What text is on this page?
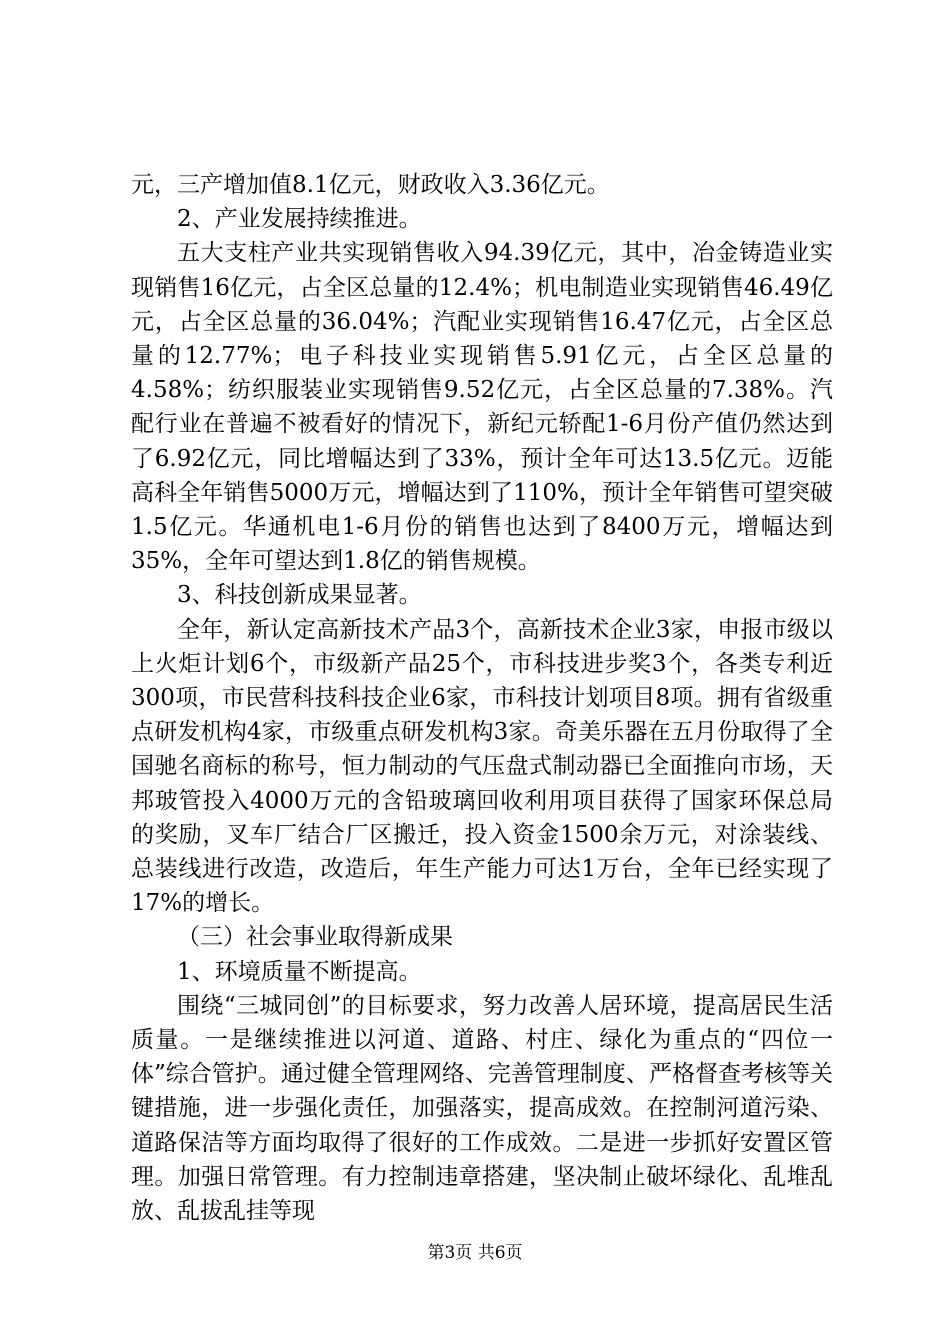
元，三产增加值8.1亿元，财政收入3.36亿元。

2、产业发展持续推进。

五大支柱产业共实现销售收入94.39亿元，其中，冶金铸造业实现销售16亿元，占全区总量的12.4%；机电制造业实现销售46.49亿元，占全区总量的36.04%；汽配业实现销售16.47亿元，占全区总量的12.77%；电子科技业实现销售5.91亿元，占全区总量的4.58%；纺织服装业实现销售9.52亿元，占全区总量的7.38%。汽配行业在普遍不被看好的情况下，新纪元轿配1-6月份产值仍然达到了6.92亿元，同比增幅达到了33%，预计全年可达13.5亿元。迈能高科全年销售5000万元，增幅达到了110%，预计全年销售可望突破1.5亿元。华通机电1-6月份的销售也达到了8400万元，增幅达到35%，全年可望达到1.8亿的销售规模。

3、科技创新成果显著。

全年，新认定高新技术产品3个，高新技术企业3家，申报市级以上火炬计划6个，市级新产品25个，市科技进步奖3个，各类专利近300项，市民营科技科技企业6家，市科技计划项目8项。拥有省级重点研发机构4家，市级重点研发机构3家。奇美乐器在五月份取得了全国驰名商标的称号，恒力制动的气压盘式制动器已全面推向市场，天邦玻管投入4000万元的含铅玻璃回收利用项目获得了国家环保总局的奖励，叉车厂结合厂区搬迁，投入资金1500余万元，对涂装线、总装线进行改造，改造后，年生产能力可达1万台，全年已经实现了17%的增长。

（三）社会事业取得新成果

1、环境质量不断提高。

围绕“三城同创”的目标要求，努力改善人居环境，提高居民生活质量。一是继续推进以河道、道路、村庄、绿化为重点的“四位一体”综合管护。通过健全管理网络、完善管理制度、严格督查考核等关键措施，进一步强化责任，加强落实，提高成效。在控制河道污染、道路保洁等方面均取得了很好的工作成效。二是进一步抓好安置区管理。加强日常管理。有力控制违章搭建，坚决制止破坏绿化、乱堆乱放、乱拔乱挂等现

第3页 共6页
